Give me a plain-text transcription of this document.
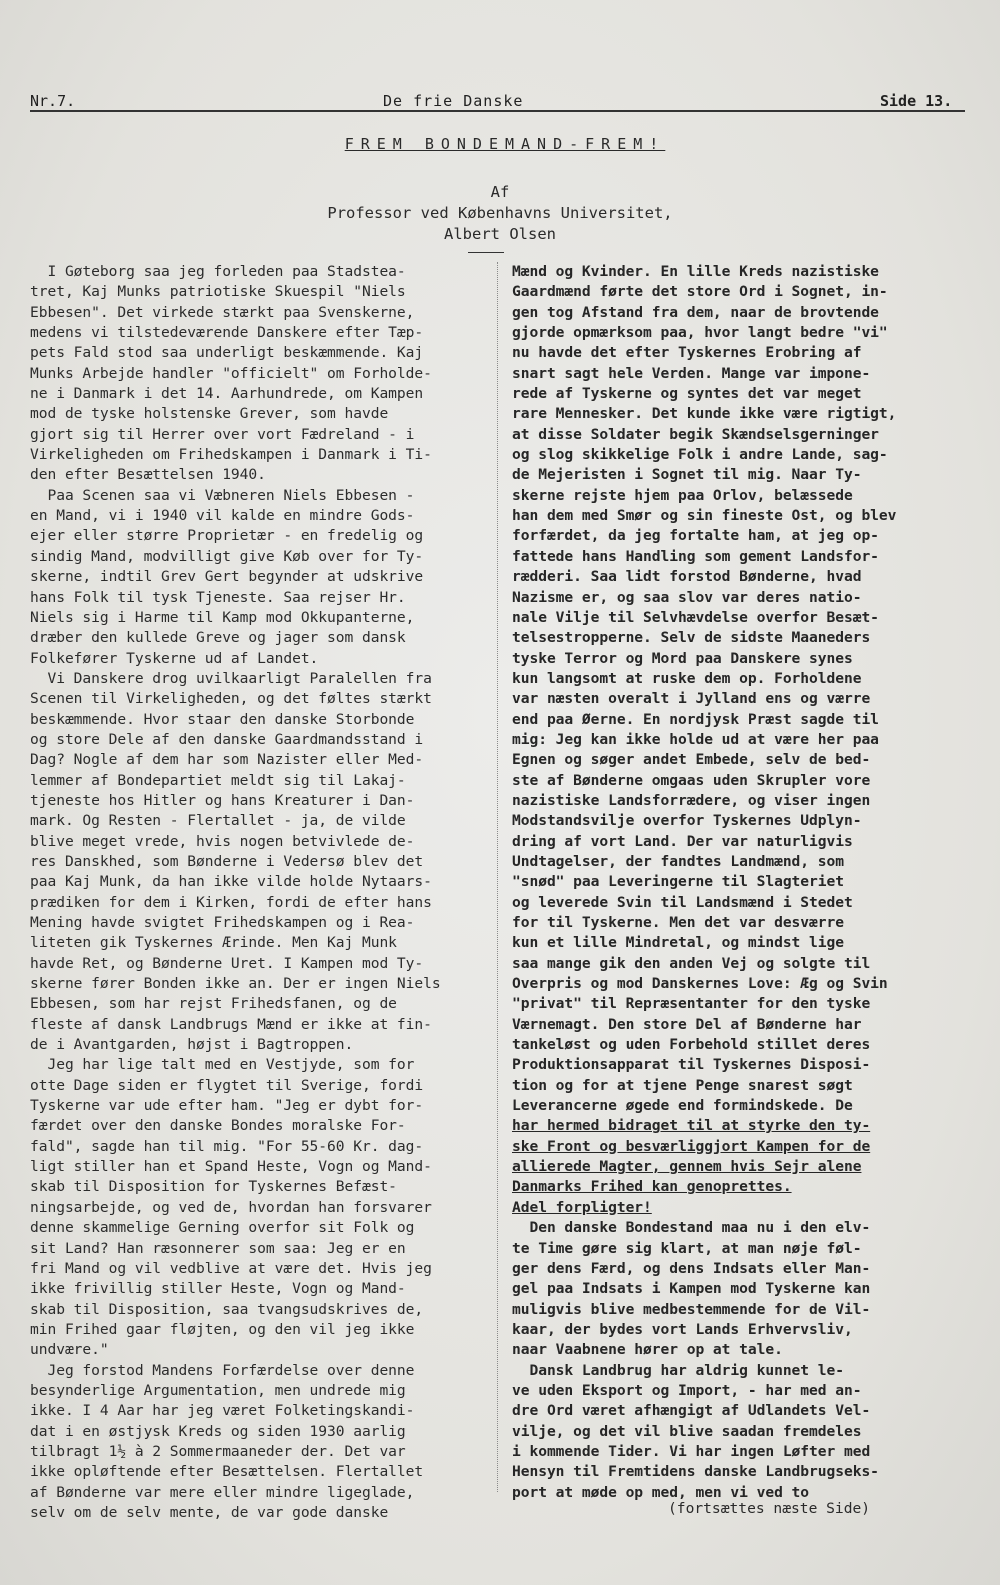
Nr.7.	De frie Danske	Side 13.
FREM BONDEMAND-FREM!
Af
Professor ved Københavns Universitet,
Albert Olsen
I Gøteborg saa jeg forleden paa Stadstea-
tret, Kaj Munks patriotiske Skuespil "Niels
Ebbesen". Det virkede stærkt paa Svenskerne,
medens vi tilstedeværende Danskere efter Tæp-
pets Fald stod saa underligt beskæmmende. Kaj
Munks Arbejde handler "officielt" om Forholde-
ne i Danmark i det 14. Aarhundrede, om Kampen
mod de tyske holstenske Grever, som havde
gjort sig til Herrer over vort Fædreland - i
Virkeligheden om Frihedskampen i Danmark i Ti-
den efter Besættelsen 1940.
Paa Scenen saa vi Væbneren Niels Ebbesen -
en Mand, vi i 1940 vil kalde en mindre Gods-
ejer eller større Proprietær - en fredelig og
sindig Mand, modvilligt give Køb over for Ty-
skerne, indtil Grev Gert begynder at udskrive
hans Folk til tysk Tjeneste. Saa rejser Hr.
Niels sig i Harme til Kamp mod Okkupanterne,
dræber den kullede Greve og jager som dansk
Folkefører Tyskerne ud af Landet.
Vi Danskere drog uvilkaarligt Paralellen fra
Scenen til Virkeligheden, og det føltes stærkt
beskæmmende. Hvor staar den danske Storbonde
og store Dele af den danske Gaardmandsstand i
Dag? Nogle af dem har som Nazister eller Med-
lemmer af Bondepartiet meldt sig til Lakaj-
tjeneste hos Hitler og hans Kreaturer i Dan-
mark. Og Resten - Flertallet - ja, de vilde
blive meget vrede, hvis nogen betvivlede de-
res Danskhed, som Bønderne i Vedersø blev det
paa Kaj Munk, da han ikke vilde holde Nytaars-
prædiken for dem i Kirken, fordi de efter hans
Mening havde svigtet Frihedskampen og i Rea-
liteten gik Tyskernes Ærinde. Men Kaj Munk
havde Ret, og Bønderne Uret. I Kampen mod Ty-
skerne fører Bonden ikke an. Der er ingen Niels
Ebbesen, som har rejst Frihedsfanen, og de
fleste af dansk Landbrugs Mænd er ikke at fin-
de i Avantgarden, højst i Bagtroppen.
Jeg har lige talt med en Vestjyde, som for
otte Dage siden er flygtet til Sverige, fordi
Tyskerne var ude efter ham. "Jeg er dybt for-
færdet over den danske Bondes moralske For-
fald", sagde han til mig. "For 55-60 Kr. dag-
ligt stiller han et Spand Heste, Vogn og Mand-
skab til Disposition for Tyskernes Befæst-
ningsarbejde, og ved de, hvordan han forsvarer
denne skammelige Gerning overfor sit Folk og
sit Land? Han ræsonnerer som saa: Jeg er en
fri Mand og vil vedblive at være det. Hvis jeg
ikke frivillig stiller Heste, Vogn og Mand-
skab til Disposition, saa tvangsudskrives de,
min Frihed gaar fløjten, og den vil jeg ikke
undvære."
Jeg forstod Mandens Forfærdelse over denne
besynderlige Argumentation, men undrede mig
ikke. I 4 Aar har jeg været Folketingskandi-
dat i en østjysk Kreds og siden 1930 aarlig
tilbragt 1½ à 2 Sommermaaneder der. Det var
ikke opløftende efter Besættelsen. Flertallet
af Bønderne var mere eller mindre ligeglade,
selv om de selv mente, de var gode danske
Mænd og Kvinder. En lille Kreds nazistiske
Gaardmænd førte det store Ord i Sognet, in-
gen tog Afstand fra dem, naar de brovtende
gjorde opmærksom paa, hvor langt bedre "vi"
nu havde det efter Tyskernes Erobring af
snart sagt hele Verden. Mange var impone-
rede af Tyskerne og syntes det var meget
rare Mennesker. Det kunde ikke være rigtigt,
at disse Soldater begik Skændselsgerninger
og slog skikkelige Folk i andre Lande, sag-
de Mejeristen i Sognet til mig. Naar Ty-
skerne rejste hjem paa Orlov, belæssede
han dem med Smør og sin fineste Ost, og blev
forfærdet, da jeg fortalte ham, at jeg op-
fattede hans Handling som gement Landsfor-
rædderi. Saa lidt forstod Bønderne, hvad
Nazisme er, og saa slov var deres natio-
nale Vilje til Selvhævdelse overfor Besæt-
telsestropperne. Selv de sidste Maaneders
tyske Terror og Mord paa Danskere synes
kun langsomt at ruske dem op. Forholdene
var næsten overalt i Jylland ens og værre
end paa Øerne. En nordjysk Præst sagde til
mig: Jeg kan ikke holde ud at være her paa
Egnen og søger andet Embede, selv de bed-
ste af Bønderne omgaas uden Skrupler vore
nazistiske Landsforrædere, og viser ingen
Modstandsvilje overfor Tyskernes Udplyn-
dring af vort Land. Der var naturligvis
Undtagelser, der fandtes Landmænd, som
"snød" paa Leveringerne til Slagteriet
og leverede Svin til Landsmænd i Stedet
for til Tyskerne. Men det var desværre
kun et lille Mindretal, og mindst lige
saa mange gik den anden Vej og solgte til
Overpris og mod Danskernes Love: Æg og Svin
"privat" til Repræsentanter for den tyske
Værnemagt. Den store Del af Bønderne har
tankeløst og uden Forbehold stillet deres
Produktionsapparat til Tyskernes Disposi-
tion og for at tjene Penge snarest søgt
Leverancerne øgede end formindskede. De
har hermed bidraget til at styrke den ty-
ske Front og besværliggjort Kampen for de
allierede Magter, gennem hvis Sejr alene
Danmarks Frihed kan genoprettes.
Adel forpligter!
Den danske Bondestand maa nu i den elv-
te Time gøre sig klart, at man nøje føl-
ger dens Færd, og dens Indsats eller Man-
gel paa Indsats i Kampen mod Tyskerne kan
muligvis blive medbestemmende for de Vil-
kaar, der bydes vort Lands Erhvervsliv,
naar Vaabnene hører op at tale.
Dansk Landbrug har aldrig kunnet le-
ve uden Eksport og Import, - har med an-
dre Ord været afhængigt af Udlandets Vel-
vilje, og det vil blive saadan fremdeles
i kommende Tider. Vi har ingen Løfter med
Hensyn til Fremtidens danske Landbrugseks-
port at møde op med, men vi ved to
(fortsættes næste Side)
